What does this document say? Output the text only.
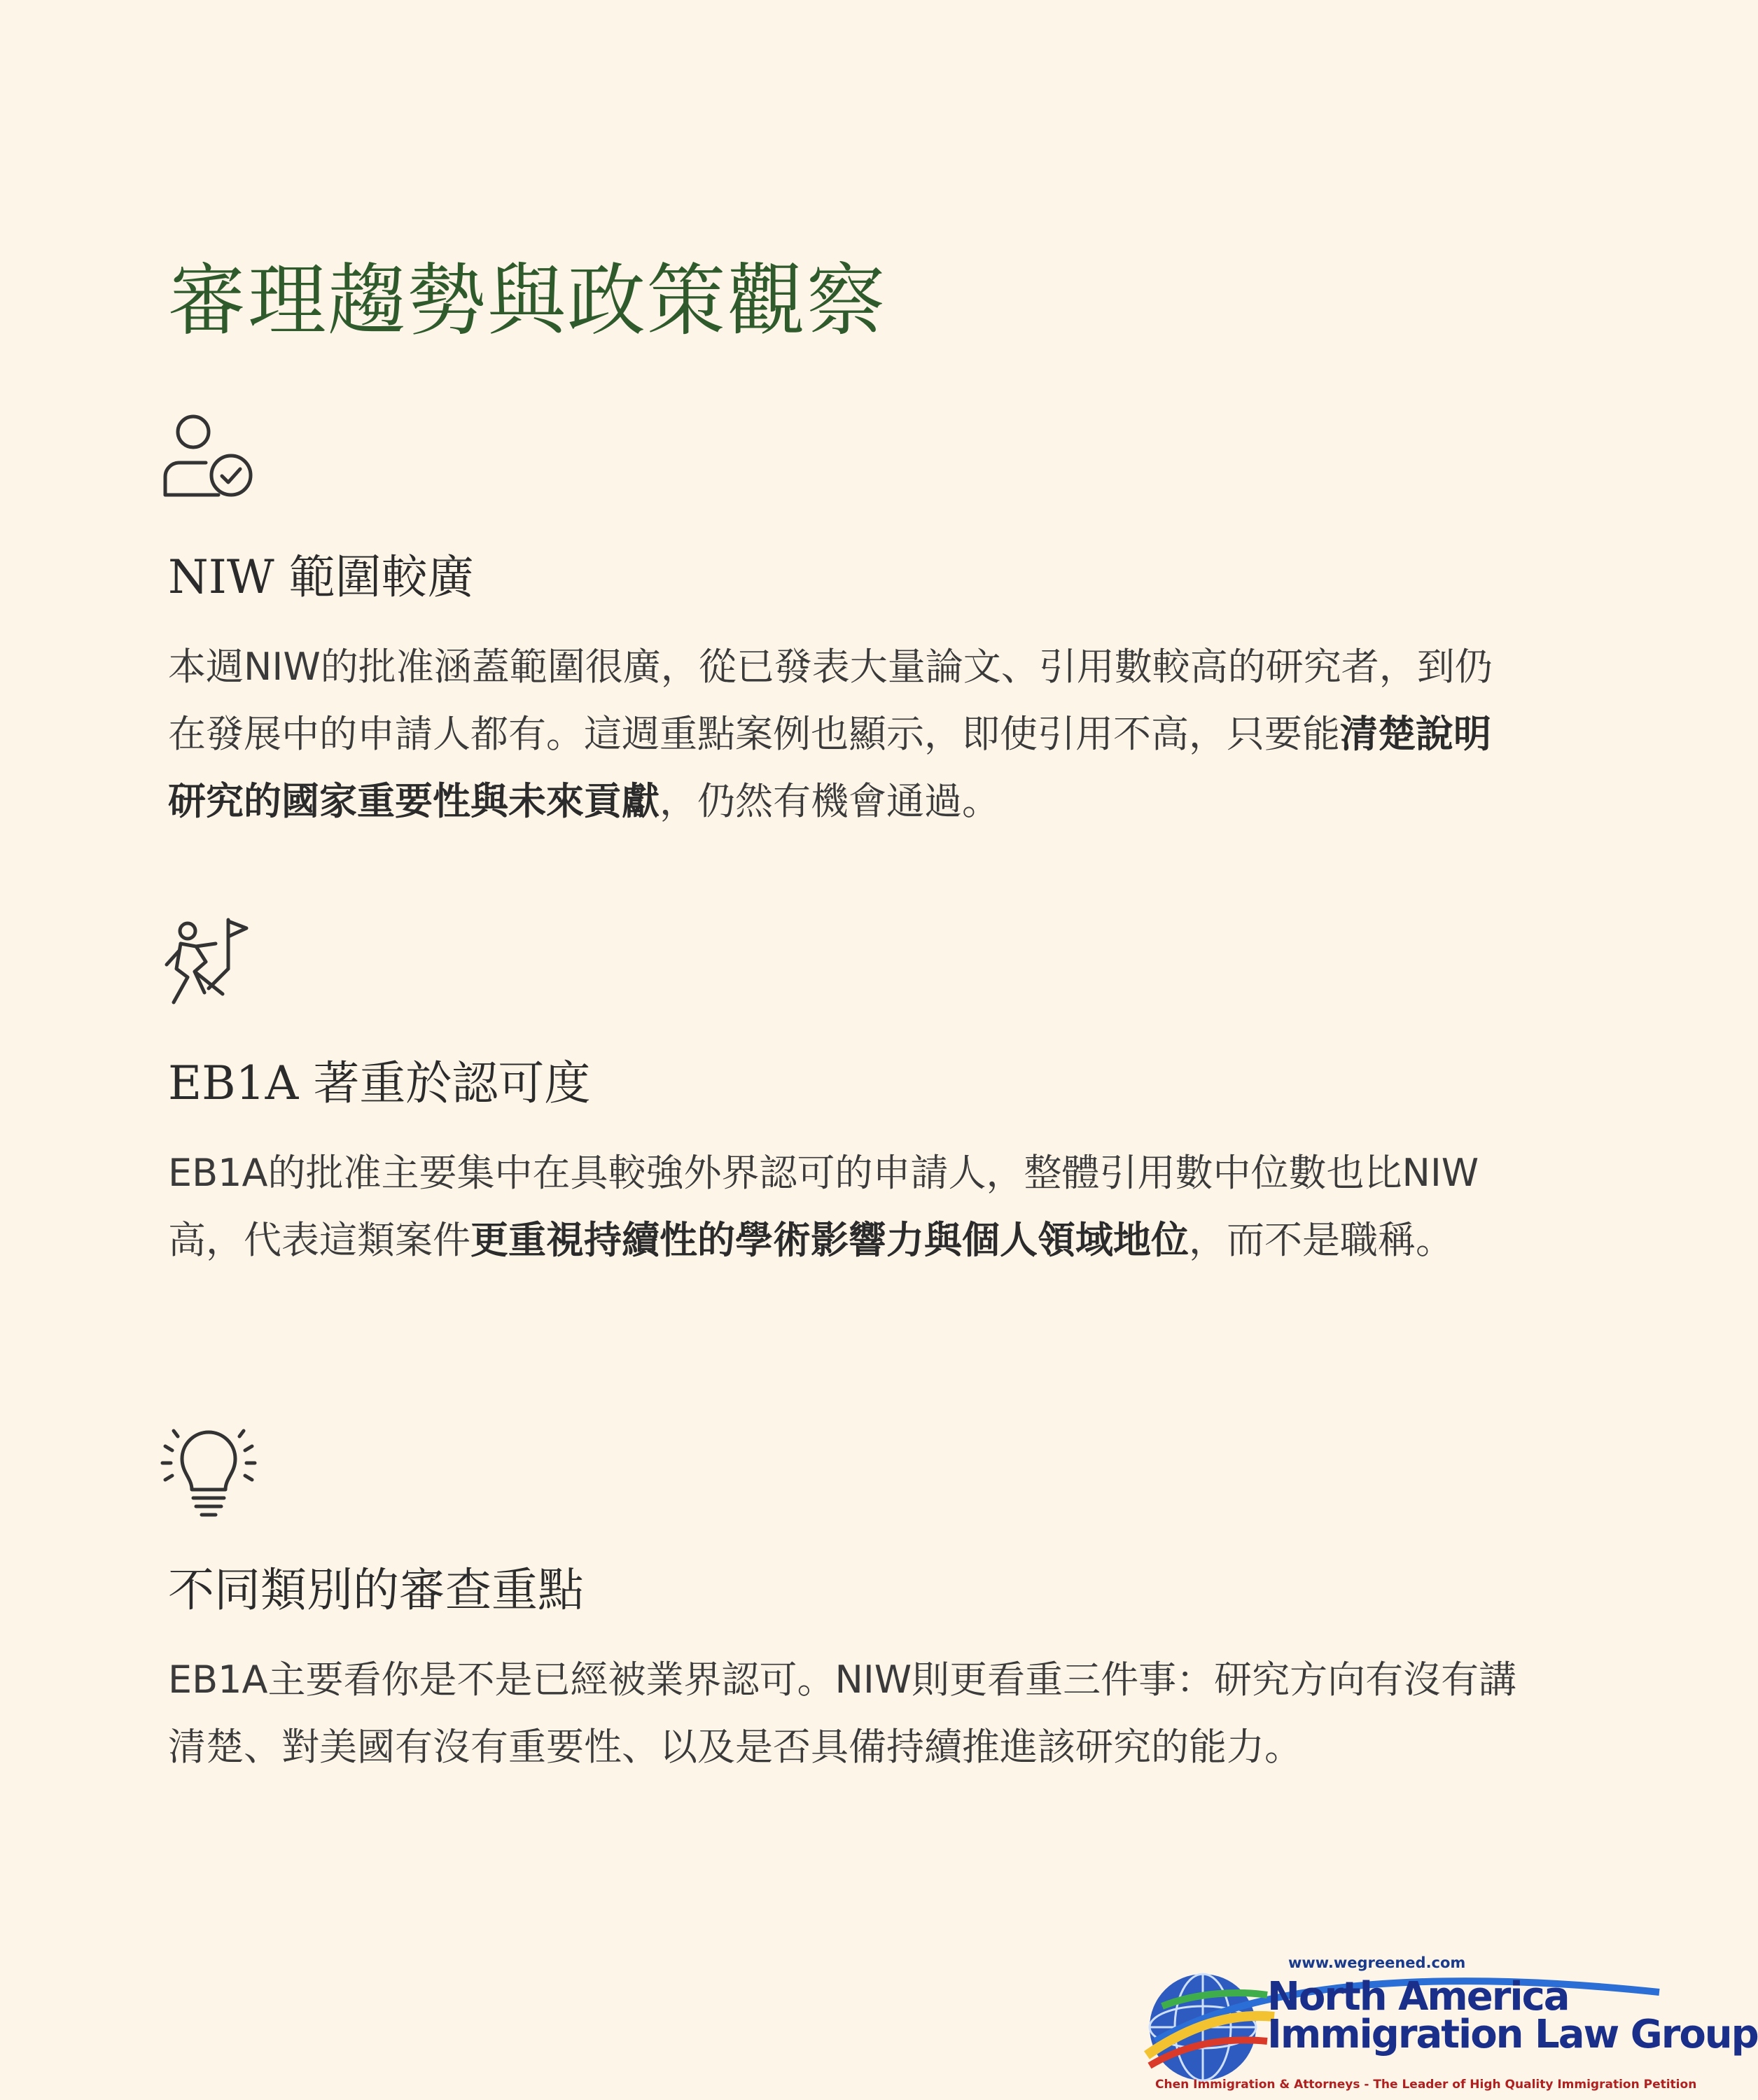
審理趨勢與政策觀察
NIW 範圍較廣
本週NIW的批准涵蓋範圍很廣，從已發表大量論文、引用數較高的研究者，到仍在發展中的申請人都有。這週重點案例也顯示，即使引用不高，只要能清楚說明研究的國家重要性與未來貢獻，仍然有機會通過。
EB1A 著重於認可度
EB1A的批准主要集中在具較強外界認可的申請人，整體引用數中位數也比NIW高，代表這類案件更重視持續性的學術影響力與個人領域地位，而不是職稱。
不同類別的審查重點
EB1A主要看你是不是已經被業界認可。NIW則更看重三件事：研究方向有沒有講清楚、對美國有沒有重要性、以及是否具備持續推進該研究的能力。
www.wegreened.com
North America
Immigration Law Group
Chen Immigration & Attorneys - The Leader of High Quality Immigration Petition
